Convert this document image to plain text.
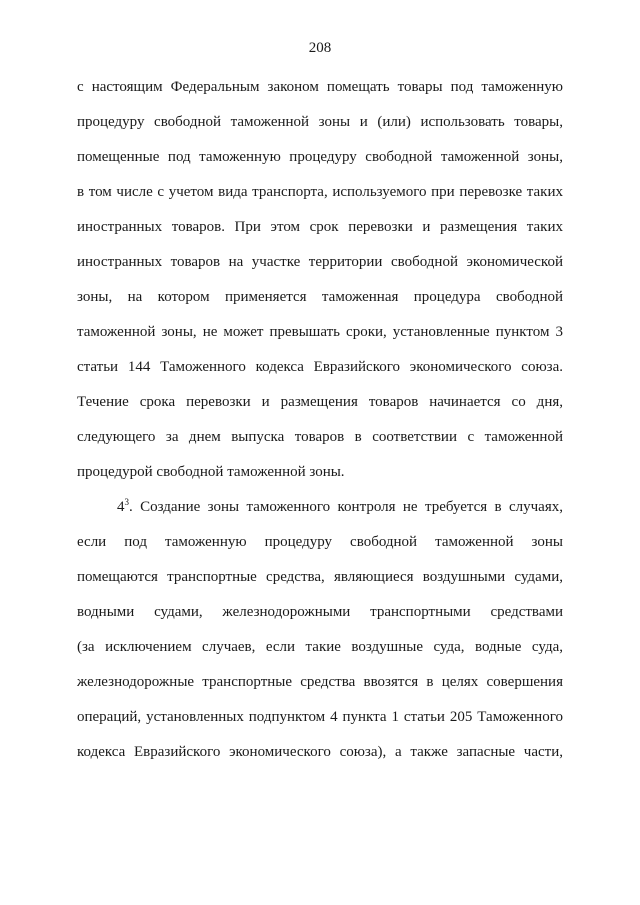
208
с настоящим Федеральным законом помещать товары под таможенную
процедуру свободной таможенной зоны и (или) использовать товары,
помещенные под таможенную процедуру свободной таможенной зоны,
в том числе с учетом вида транспорта, используемого при перевозке таких
иностранных товаров. При этом срок перевозки и размещения таких
иностранных товаров на участке территории свободной экономической
зоны, на котором применяется таможенная процедура свободной
таможенной зоны, не может превышать сроки, установленные пунктом 3
статьи 144 Таможенного кодекса Евразийского экономического союза.
Течение срока перевозки и размещения товаров начинается со дня,
следующего за днем выпуска товаров в соответствии с таможенной
процедурой свободной таможенной зоны.
$4^3$. Создание зоны таможенного контроля не требуется в случаях,
если под таможенную процедуру свободной таможенной зоны
помещаются транспортные средства, являющиеся воздушными судами,
водными судами, железнодорожными транспортными средствами
(за исключением случаев, если такие воздушные суда, водные суда,
железнодорожные транспортные средства ввозятся в целях совершения
операций, установленных подпунктом 4 пункта 1 статьи 205 Таможенного
кодекса Евразийского экономического союза), а также запасные части,
